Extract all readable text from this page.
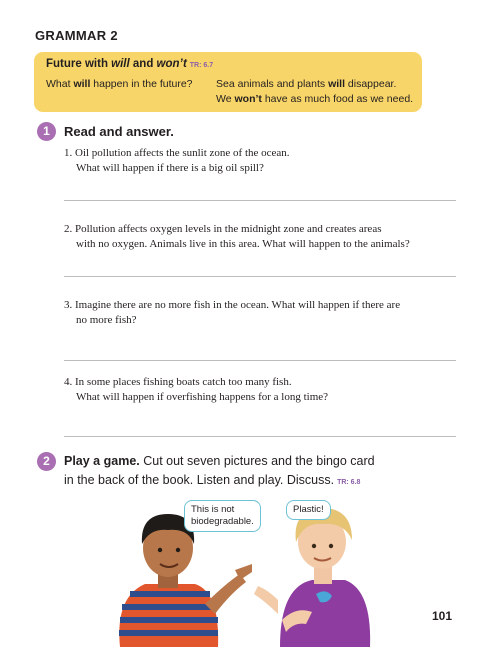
GRAMMAR 2
Future with will and won’t TR: 6.7
What will happen in the future? Sea animals and plants will disappear.
We won’t have as much food as we need.
1	Read and answer.
1. Oil pollution affects the sunlit zone of the ocean.
What will happen if there is a big oil spill?
2. Pollution affects oxygen levels in the midnight zone and creates areas
with no oxygen. Animals live in this area. What will happen to the animals?
3. Imagine there are no more fish in the ocean. What will happen if there are
no more fish?
4. In some places fishing boats catch too many fish.
What will happen if overfishing happens for a long time?
2	Play a game. Cut out seven pictures and the bingo card
in the back of the book. Listen and play. Discuss. TR: 6.8
This is not
biodegradable.
Plastic!
101
